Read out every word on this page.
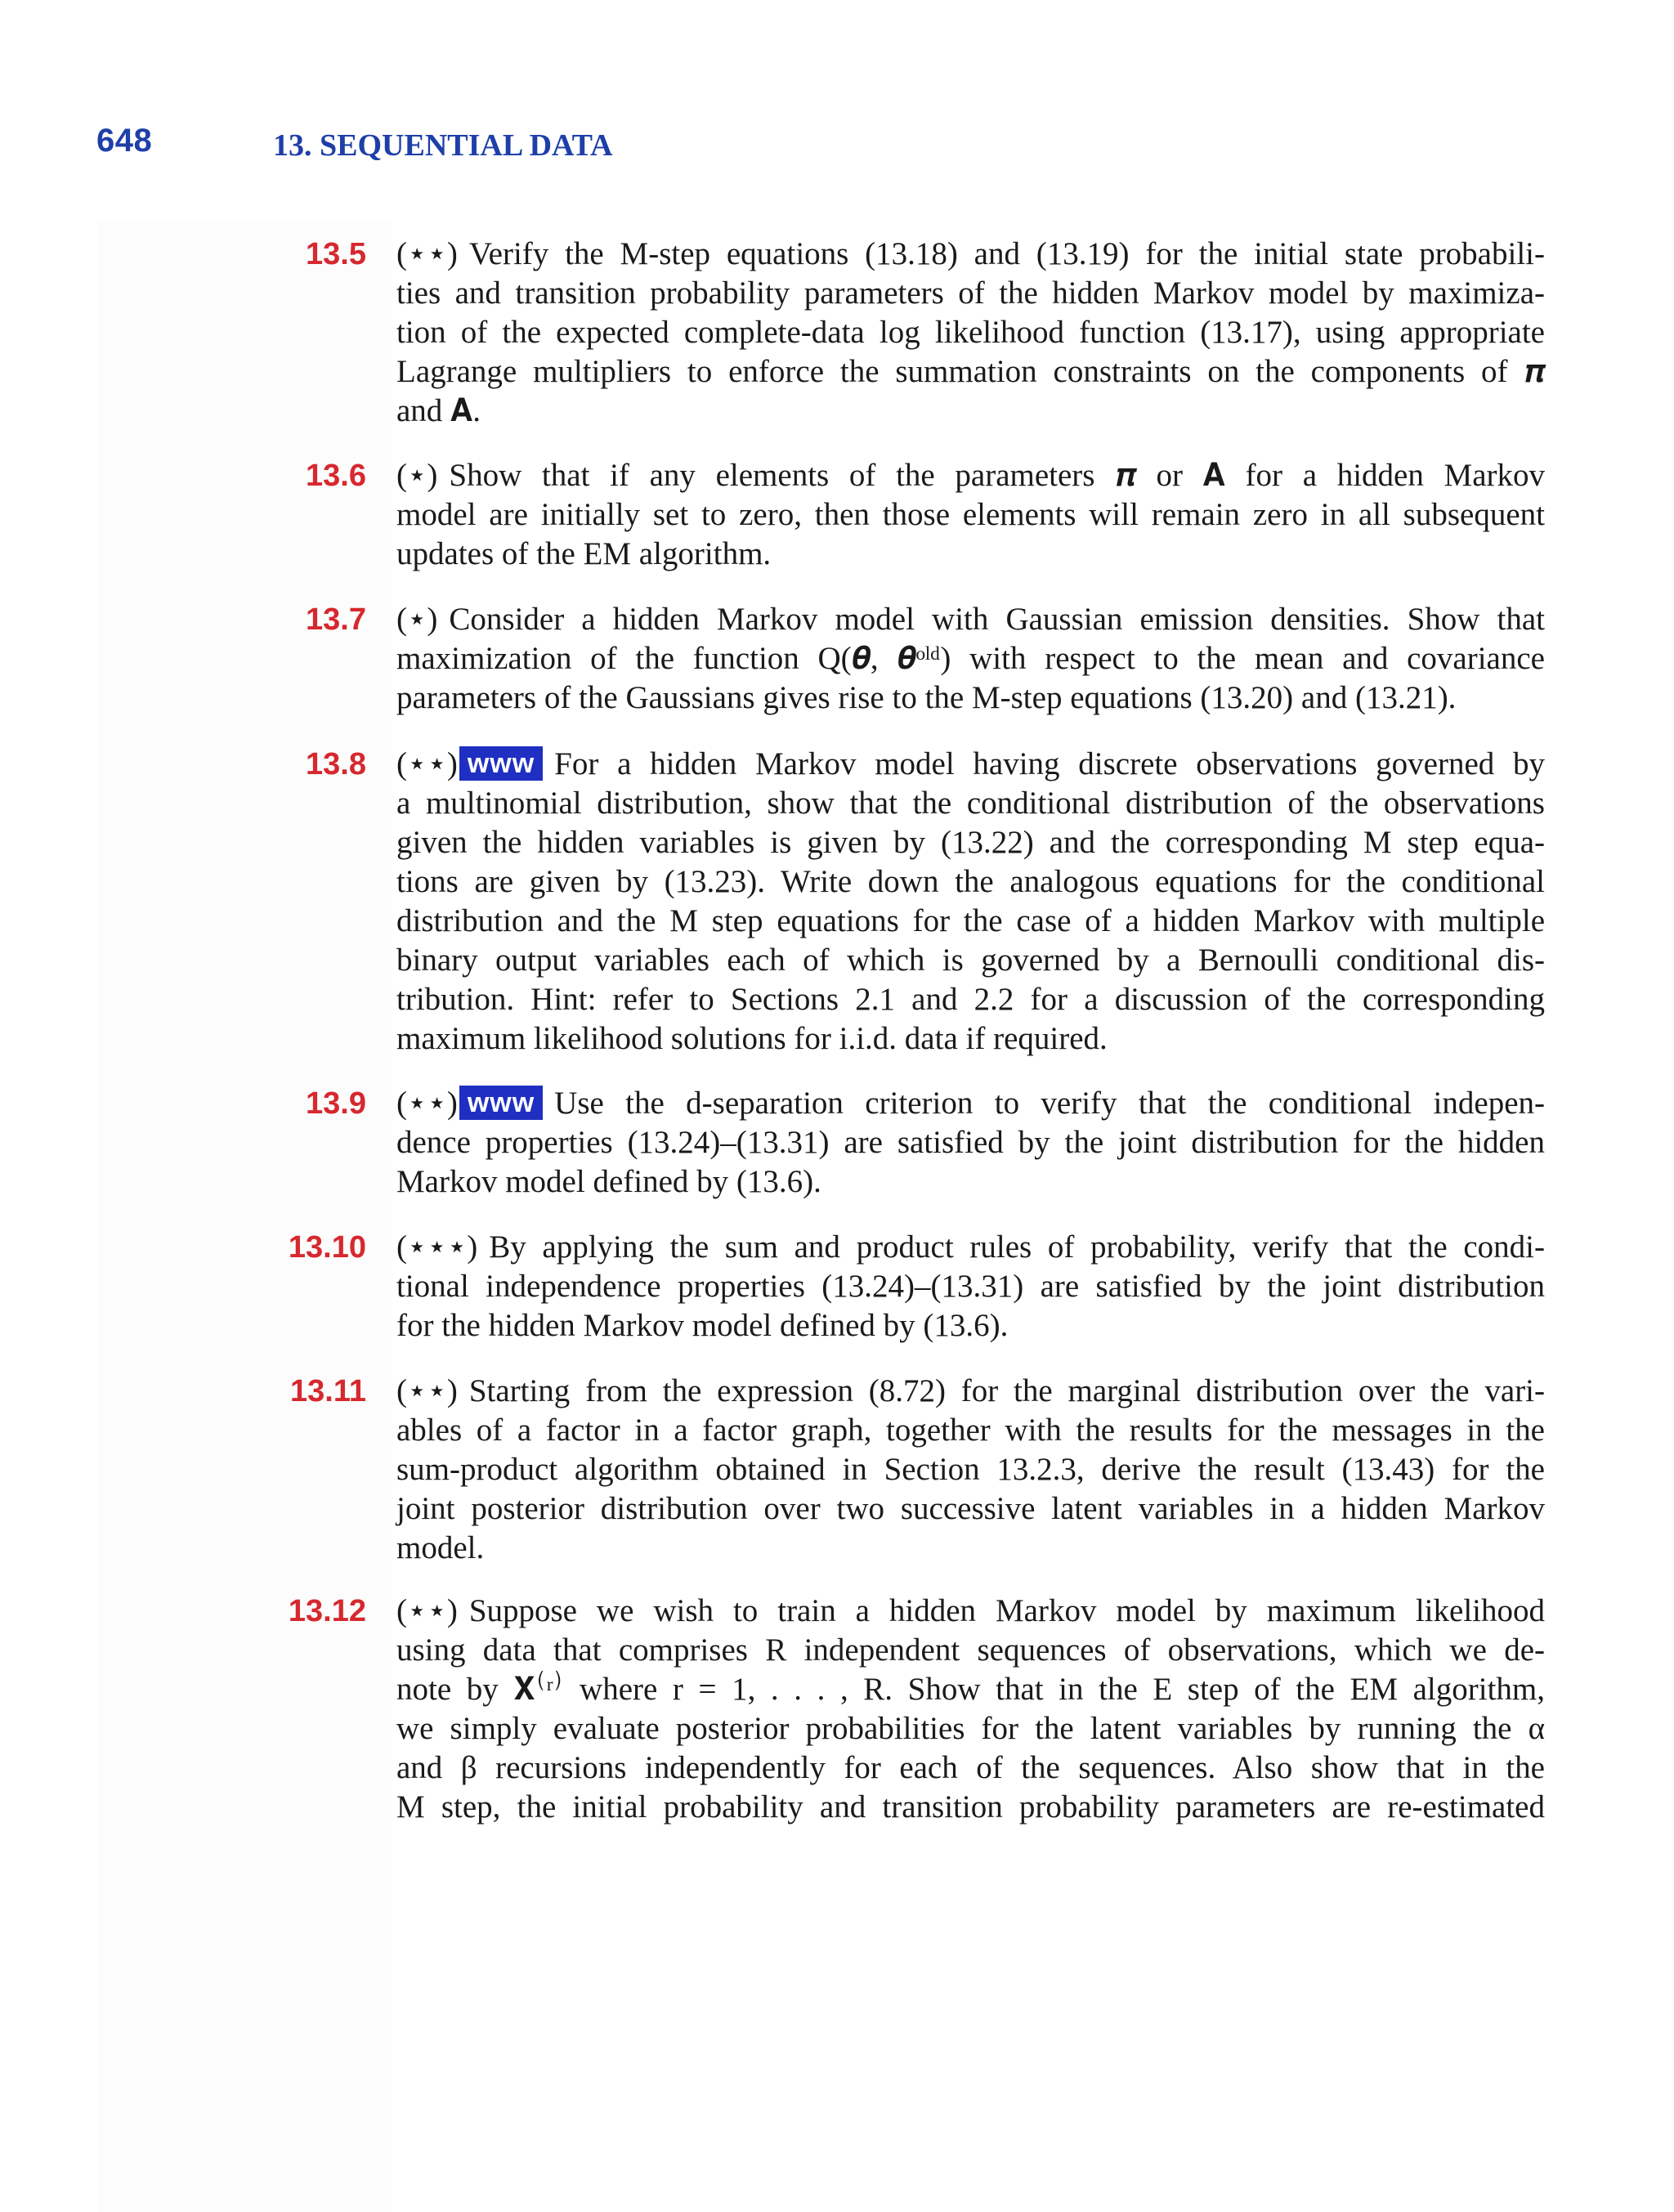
648	13. SEQUENTIAL DATA
13.5 (⋆⋆) Verify the M-step equations (13.18) and (13.19) for the initial state probabili-
ties and transition probability parameters of the hidden Markov model by maximiza-
tion of the expected complete-data log likelihood function (13.17), using appropriate
Lagrange multipliers to enforce the summation constraints on the components of 𝝅
and 𝐀.
13.6 (⋆) Show that if any elements of the parameters 𝝅 or 𝐀 for a hidden Markov
model are initially set to zero, then those elements will remain zero in all subsequent
updates of the EM algorithm.
13.7 (⋆) Consider a hidden Markov model with Gaussian emission densities. Show that
maximization of the function Q(𝜽, 𝜽ᵒˡᵈ) with respect to the mean and covariance
parameters of the Gaussians gives rise to the M-step equations (13.20) and (13.21).
13.8 (⋆⋆) www For a hidden Markov model having discrete observations governed by
a multinomial distribution, show that the conditional distribution of the observations
given the hidden variables is given by (13.22) and the corresponding M step equa-
tions are given by (13.23). Write down the analogous equations for the conditional
distribution and the M step equations for the case of a hidden Markov with multiple
binary output variables each of which is governed by a Bernoulli conditional dis-
tribution. Hint: refer to Sections 2.1 and 2.2 for a discussion of the corresponding
maximum likelihood solutions for i.i.d. data if required.
13.9 (⋆⋆) www Use the d-separation criterion to verify that the conditional indepen-
dence properties (13.24)–(13.31) are satisfied by the joint distribution for the hidden
Markov model defined by (13.6).
13.10 (⋆⋆⋆) By applying the sum and product rules of probability, verify that the condi-
tional independence properties (13.24)–(13.31) are satisfied by the joint distribution
for the hidden Markov model defined by (13.6).
13.11 (⋆⋆) Starting from the expression (8.72) for the marginal distribution over the vari-
ables of a factor in a factor graph, together with the results for the messages in the
sum-product algorithm obtained in Section 13.2.3, derive the result (13.43) for the
joint posterior distribution over two successive latent variables in a hidden Markov
model.
13.12 (⋆⋆) Suppose we wish to train a hidden Markov model by maximum likelihood
using data that comprises R independent sequences of observations, which we de-
note by 𝐗⁽ʳ⁾ where r = 1, . . . , R. Show that in the E step of the EM algorithm,
we simply evaluate posterior probabilities for the latent variables by running the α
and β recursions independently for each of the sequences. Also show that in the
M step, the initial probability and transition probability parameters are re-estimated
